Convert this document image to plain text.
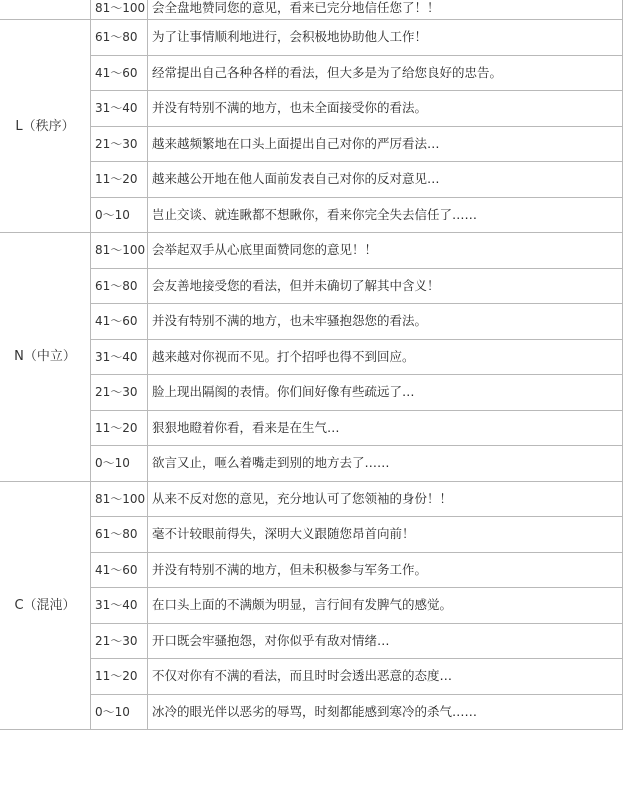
	81～100	会全盘地赞同您的意见，看来已完分地信任您了！！
L（秩序）	61～80	为了让事情顺利地进行，会积极地协助他人工作！
	41～60	经常提出自己各种各样的看法，但大多是为了给您良好的忠告。
	31～40	并没有特别不满的地方，也未全面接受你的看法。
	21～30	越来越频繁地在口头上面提出自己对你的严厉看法…
	11～20	越来越公开地在他人面前发表自己对你的反对意见…
	0～10	岂止交谈、就连瞅都不想瞅你，看来你完全失去信任了……
N（中立）	81～100	会举起双手从心底里面赞同您的意见！！
	61～80	会友善地接受您的看法，但并未确切了解其中含义！
	41～60	并没有特别不满的地方，也未牢骚抱怨您的看法。
	31～40	越来越对你视而不见。打个招呼也得不到回应。
	21～30	脸上现出隔阂的表情。你们间好像有些疏远了…
	11～20	狠狠地瞪着你看，看来是在生气…
	0～10	欲言又止，咂么着嘴走到别的地方去了……
C（混沌）	81～100	从来不反对您的意见，充分地认可了您领袖的身份！！
	61～80	毫不计较眼前得失，深明大义跟随您昂首向前！
	41～60	并没有特别不满的地方，但未积极参与军务工作。
	31～40	在口头上面的不满颇为明显，言行间有发脾气的感觉。
	21～30	开口既会牢骚抱怨，对你似乎有敌对情绪…
	11～20	不仅对你有不满的看法，而且时时会透出恶意的态度…
	0～10	冰冷的眼光伴以恶劣的辱骂，时刻都能感到寒冷的杀气……
